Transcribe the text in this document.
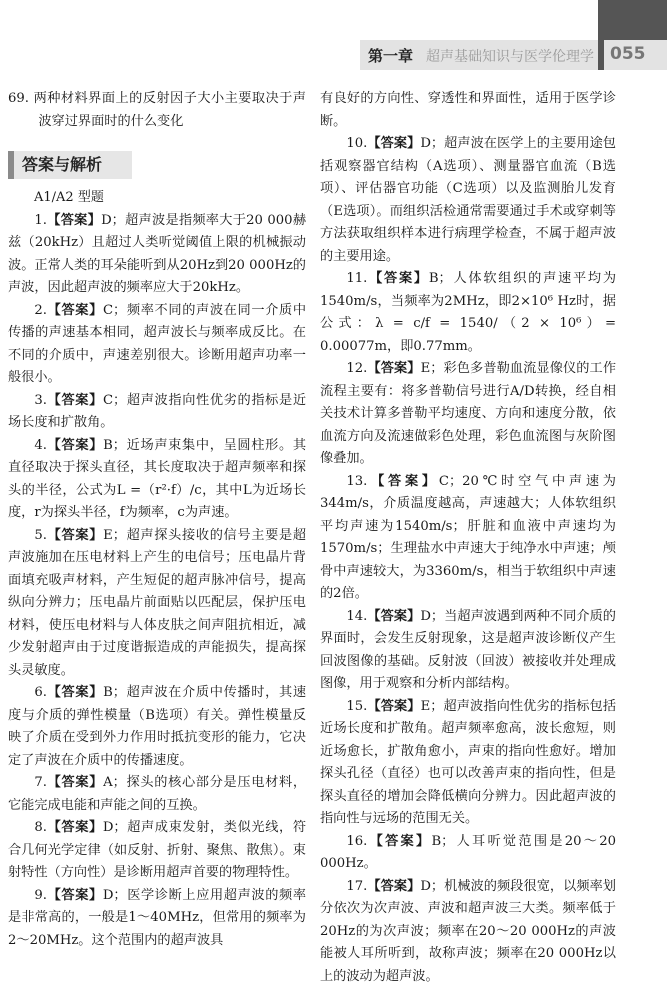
第一章 超声基础知识与医学伦理学 055

69. 两种材料界面上的反射因子大小主要取决于声波穿过界面时的什么变化

答案与解析

A1/A2 型题

1.【答案】D；超声波是指频率大于20 000赫兹（20kHz）且超过人类听觉阈值上限的机械振动波。正常人类的耳朵能听到从20Hz到20 000Hz的声波，因此超声波的频率应大于20kHz。

2.【答案】C；频率不同的声波在同一介质中传播的声速基本相同，超声波长与频率成反比。在不同的介质中，声速差别很大。诊断用超声功率一般很小。

3.【答案】C；超声波指向性优劣的指标是近场长度和扩散角。

4.【答案】B；近场声束集中，呈圆柱形。其直径取决于探头直径，其长度取决于超声频率和探头的半径，公式为L =（r²·f）/c，其中L为近场长度，r为探头半径，f为频率，c为声速。

5.【答案】E；超声探头接收的信号主要是超声波施加在压电材料上产生的电信号；压电晶片背面填充吸声材料，产生短促的超声脉冲信号，提高纵向分辨力；压电晶片前面贴以匹配层，保护压电材料，使压电材料与人体皮肤之间声阻抗相近，减少发射超声由于过度谐振造成的声能损失，提高探头灵敏度。

6.【答案】B；超声波在介质中传播时，其速度与介质的弹性模量（B选项）有关。弹性模量反映了介质在受到外力作用时抵抗变形的能力，它决定了声波在介质中的传播速度。

7.【答案】A；探头的核心部分是压电材料，它能完成电能和声能之间的互换。

8.【答案】D；超声成束发射，类似光线，符合几何光学定律（如反射、折射、聚焦、散焦）。束射特性（方向性）是诊断用超声首要的物理特性。

9.【答案】D；医学诊断上应用超声波的频率是非常高的，一般是1～40MHz，但常用的频率为2～20MHz。这个范围内的超声波具

有良好的方向性、穿透性和界面性，适用于医学诊断。

10.【答案】D；超声波在医学上的主要用途包括观察器官结构（A选项）、测量器官血流（B选项）、评估器官功能（C选项）以及监测胎儿发育（E选项）。而组织活检通常需要通过手术或穿刺等方法获取组织样本进行病理学检查，不属于超声波的主要用途。

11.【答案】B；人体软组织的声速平均为1540m/s，当频率为2MHz，即2×10⁶ Hz时，据公式：λ = c/f = 1540/（2 × 10⁶）= 0.00077m，即0.77mm。

12.【答案】E；彩色多普勒血流显像仪的工作流程主要有：将多普勒信号进行A/D转换，经自相关技术计算多普勒平均速度、方向和速度分散，依血流方向及流速做彩色处理，彩色血流图与灰阶图像叠加。

13.【答案】C；20℃时空气中声速为344m/s，介质温度越高，声速越大；人体软组织平均声速为1540m/s；肝脏和血液中声速均为1570m/s；生理盐水中声速大于纯净水中声速；颅骨中声速较大，为3360m/s，相当于软组织中声速的2倍。

14.【答案】D；当超声波遇到两种不同介质的界面时，会发生反射现象，这是超声波诊断仪产生回波图像的基础。反射波（回波）被接收并处理成图像，用于观察和分析内部结构。

15.【答案】E；超声波指向性优劣的指标包括近场长度和扩散角。超声频率愈高，波长愈短，则近场愈长，扩散角愈小，声束的指向性愈好。增加探头孔径（直径）也可以改善声束的指向性，但是探头直径的增加会降低横向分辨力。因此超声波的指向性与远场的范围无关。

16.【答案】B；人耳听觉范围是20～20 000Hz。

17.【答案】D；机械波的频段很宽，以频率划分依次为次声波、声波和超声波三大类。频率低于20Hz的为次声波；频率在20～20 000Hz的声波能被人耳所听到，故称声波；频率在20 000Hz以上的波动为超声波。
